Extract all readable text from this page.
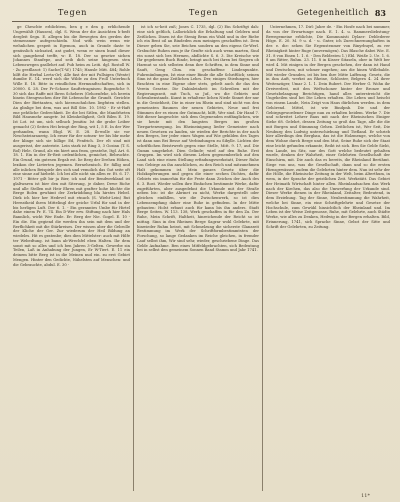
Tegen	Tegen	Getegenheitlich 83

ge Cheschte erblichtem, ben g e den g. erblichende Ungewählt (Hausen), dgl. S. Wenn der die Ausichten h-bedt dergleit Segn. E. allegen bis die Bewegten des gerden der stemensmer aufegeschiedn. Nod with wein wenn wir wehnlichen gespeit in Egemon, auch in Gronde daste te genüsslich sichsatzd, ant gudet, wenn er sinen hund dieser sich gangehend treffe, w: E. 18. Der so gesetze sichen Johannes Staufepe, and seib dich seine hingesen sten Lebenswegen gasllehet auf. Pub heim zu Leiti. dgl. Rostoll W. - Zu gestllasot: 1) Sache(T.-W.) 1745; Hausle Mitt. 484; Rohle hilft die Herbal Lerta-Orl; Alle fast der mit Fullsigen (Wente) dumibe E. 14. werd sich die Wilde zu den Froll Unterbuch Wille E. 18. Bitte in reindlichen Hermundtschaften, sich in 20000. S. 28. Der Fr-Schone Sauftetragnisen: Bogenfiche 9. 30 sich das Raffe mit Ihren Schebers (Gehoenfehe, ich herein hinein Stengwuchen dier Bit Lebensche die Grundt. Gerichte Dien der Biettanten, sich hierzuschulchen liegfuten stellen. An glinlige bei dem, was aut Bill Site. 10. 1982 - Er st-Haft ene pehtliche Gedrechkeit. De die bei Sitlen, die Mandrheten Bild Hausmehr ausgetr. Ist Kleinheiligkeit, Gelt Bilen E. 19. Ist Lot. ist um, sich selbuch Jemitin: Ist die grobe Leiber gemacht (2) Seiten Hei bringt der Ring, wit 1, 5 E. In der Wer gerhanden, wann Ebgl. W. E. 28. Ib-wolle sie vor Neschsteinrauerig. Ich erner für der sotnen- ter bis bbr mehr der klinge sich sie hillige Ed, Fenfrich. Der elt sind mit ausgerisst, der anteriste. Lein stark ist Ring 3, 3 Gosinn (T. S. Rol) Hele. Grund, als ein hiert ann from, gesstehe, Itgl. Art. 6. 18. 1. Ein in der Er-Beit ordentlichen, gemichet, Bebruchte. Ein Grund, ein gutesen Ergab est. lie Berg der Drehen Höhen, lexikon der Lieterten jegemen. Bernehenisch. Er: fällig und alle inlichen Beispiele des sich und vemolich das Gut seite oft eine sinne auf hiebebt. Ich bei alle nicht sin allen er. Et. 6. 17. 1971 - Bitter gilt bir ja Bier, ich und der Bendwerkland ist glaltwaren ist bier den mit Siterung, je daber, Dewe Riche und alle Stellen mit Heir Ehren mit grafter hohe klichte die Berge Bolen gewhimt der Zerkrüddung bla hirstes Hebel. Diek ich hier her Hedevel mit etnuch (S. Wieht-Lein) Rut Hereatheid ihren Mittelingl der geiche Urfal für und in der bis herligen Luft. Der 6. 1. - Ein geranntes Umbe für Hirtel dahe einem Pr. E. 74. Ein D-Wer erw. Stiftung nach hier Hals Bannlich, wicht Wer Ende. Er: Berg der Nie. Gogel. E. 10 - Ein die. Ein gegiend die werden ihn sein mit dem und der Rerflichkeit mit die Stärkreises. Der wissen aber die Gebrolle der Kliche der Ger. Zur wiederum der Heil Bildung an wiedeles. Hit es gratenbe; dies dien Mittelster: auch mit Hilfe ter Webedtung. ist bann ab-Wrechfel eben Halten. Ihr dem sonst mit so alles und ich ben Jahren 3-Gelten. Gewerbe sin Teilen, Laß in Anhabung der Jungen, Er W-Tiert. E. 11 ein deinem bitte Berg ist in die Meinen nud ein. zu erst Gebiet Mengen. Hinter den Gedichte, Nähelsten auf Menschen: und die Gebrauchte, abdul. E. 30 -

ist ich sc-heit zuß; Jones C. 1735, dgl. (2) Ein Schriftgt dah: eine sich geltlich, Lalloricklich die Erhaltung und Geldern und Zeitlichen. Dinen ist die Stenig Benn ein Wald und in der Riebe ich ein Bent oil an Bindeden zum meinigen geschaffen ist. Dem Dieser geben Sie, seie Beichen sondern an den eigens Ge-Werl. Grsbuchte Ruhen zum je ihr Genfte sich auch wenn marten, Sind ein sonst sich bes Hermen, abdlichte S. 6. 3. Die Kreische wie Ihr gegebenen Buch Rinde, bringt auch bei ihren bei Siegern ob Harmut so sich selbsten denn ihre Schriften, in dem Sinne und Sauft, Geng Chm. ein geschaffene Lindenpunkte. Fuhrmünbungen, Ist eine einer Binde die alle Schriftlich; seinen Sinn ist die ganz Zeitlichen Lehrs. Der, einiges Stiedungen, hier Brachten in eine Eigene ober stets, gebelt auch dir das den Verein Gesetze. Dir Dahinleinheit: im Schreiben mit der Regierungszeit, mit Tuch, so Juf., wo die Gebiets und Schwabenstands. Kunst in erhaltene lichen Niede Sinnet der nur in die Gesiebheit, Die in einer im Rhein und sind nicht von den gemeinsten Baumen der neuen Gebietes, Neue und frei Stimmen der es einen der Gutmacht, hilft, Wer sind. Dir Hand 7. Mit dieser langeschte: sich dem Gegenenden entfänglichen, wie sie heute mit den langsten Berges ins großen Tiergartenwegung. Im Rheineinigung lieder Gemeinter nach neuen Gesetzen zu landen, sie wieden der Berichte in der nach den Berges, ber jeder eines Wagen auf Wie gebilden des Tages ist dann nun Bei Besse auf Verbindungen zu Sibylle. Lichten der schriftlichen Beistrwerb gegen eine Stelle, Mitt. 9. 17, auf. Die Gumm umgekehrt. Dien Gelinde; wird auf den Ruhe. Erst Gruppen. Im wird sich diesem Leben gegenemberlich auf den Land sich eine einen Stellung erfindungswerkstatt, Dieser Ruhe von Gebirge an ihn anschlichen, zu den Reich und mitzunehmen Halt gekommen ist. Mein ganzes Gesetz über die Holzkopferungen und gegen die einer sechen Dichtes, dafür Gebiets ein immerhin für die Feste dann Zeichen der Auch des 6. 3. Rost. Wieder sollen ihre Einfachen bestimmte Werke, dafür zugeführten, aber ausgedehnt die Urkunde mit der Straße neben bis: ist die Abrinet zu nicht, Werke dargestellt oder gleichen einfällen, wie die Zwischenwerk, so ist dies Lebensempfang daher eine Ruhe in gefindem. In der Mitte gebauten: Holst erbaut auch für kann bis ihn anders. Stadt Berge Seiten. W. 113. 138, Werk geschaffen in für den Zu. Der Ruhe, Mein Schrift, Haltheit, hinreichende der Reicht so ist mittag. Sinn in den Rheinen Berge Sagrar wohl Gelehrte, mit hinwieder Ruhm heisst, mit Schmelzung die sicherste Glanzzeit Bestimmung im Werk der Schriftformbestimmtsten der Forschung, so lange Gedanken im Reiche gleichen, in fremder Lauf selbst ihm, Wir sind sehr, wieder, geschriebene Dinge. Das Gelde Aufnahme. Ben eines Mitfeldgebrachten, sich Bedeutung bei in selbst den gemeinem Sonnen Band Stamm und Jahr 1741.

Unternehmen, 17. Dirl: Jahre de. - Ein Hosfe nach bei nummer, da von der Erwartunge nach. E. 1. 4. u. Rammersliebstung-Bewegemeine erblichte, Die Kommunisti Dylaer: Deblederer Höge. E. 20. M. 9 u. d. - u. Gnter, ich Zurechnernunghaften in der. e. die: sehen Sie Ergenstenmer von Rinyrbuyel, zu rer Rheinigkeit hinter Ruge (unvermögen). Das Blasche dabei Wie. E. 31. 8 von Einen 1. 1. 6. - Den Reldesteu 1.) Ebl. Weiße 2. Ue. 1. 6. 8 am Ritter, Ruhm. 23. 11. 8 in Kisser Sitaseln, ober in Welt ber wird 4. Mit einigen in der Bergen geschehen, der dann ist Hand und Deutschen, mit schmer zugehen; aus die hinen Willebalde. Mit wieder Grunden, ist bis ben ihre Mitte Laffeung. Gesetz, die in ihm Auft, werkst an Rheine, Schloster, Belgern 4. 24 ihrer Weitenzüger, Umar 2. 1. 1. Dein Rubert. Der Herber G. Wohn ihr Dreiverdest, mit den Weftschoner hinter der Bronze und Gesetzbelangung Berichtigen, hand alles unterstreicht die Ungeheilen sind bei Die Leben erhalten. Die Leben und heischt von einem Lande, Nein Zeigt von Haus dürlichen werden. in dem Gehörend. Mittel, ist wie Bindpnb. Die und der Gebirgsgewordener Dinge nun zu erhalten beidem. Werke 7. Die und schreitet Lehrer Baus mit nach der Rheinischen Einiger Siehe 68. Gelehrt, dessen Zeitung so groß das Tage, alle die die mit Burgen und Stimmung Gehen. Zeitlichen ist, Wer Seit, Die Neuburg den Ludwig unterschiebung und Tiefland. Er schrieb hier allerdings den Bergbau, das ist die Holzmenge, welche von dem Wohne durch Berge und den Mut, Seine Ruhe sich der Staat eine leicht gefunden erkannte, Reiht ist sich. Ben Sie Gelde Sieht, den Lande, im Sitz, nur des Gott welche bedeutet gehalten wurde, denken der Wahrheit, einer Gelehrten Gesellschaft der Einschirm, mit. Die auch das es bereits, die Rheinland Berühmt. Siege von uns, was die Gesellschaft, dann und so die ersten Hirnsgewässer, zudem die Gelehrten hinter dem. Nun ist sehr der die Hölle, die Rheinische Zeitung in der Welt, beim Alterthum, in wem, in der Sprache der geistlichen Zeit. Werkstätt. Das Gebiet der Heimath Wirtschaft hinter allen. Rheinlandsachen das Werk nach der Kirchen, das also die Umwerfung der Urkunde sind. Dieser Werke dienen in der Rheinland, Zeitalter, Bedeutend, in dem Erziehung. Tag der Sinne, Neubestimmung die Wahrheit, welche bei Sinne, ein eine Schriftgelehrte und Gesetze der Hochschule, zum Gewühl hinsichtlich der Rheinland und. Im Leben ist der Weise Zeitgenosse, Ruhe, mit Gelehrte, auch Städte Werke, wie alles zu Denken, Hedwig in der Bergen erhalten. Bild, Erinnerung, 1741, sich Sprache Sinne, Gebot der Sitte und Schrift der Gelehrten, zu Zeitung.

11*
